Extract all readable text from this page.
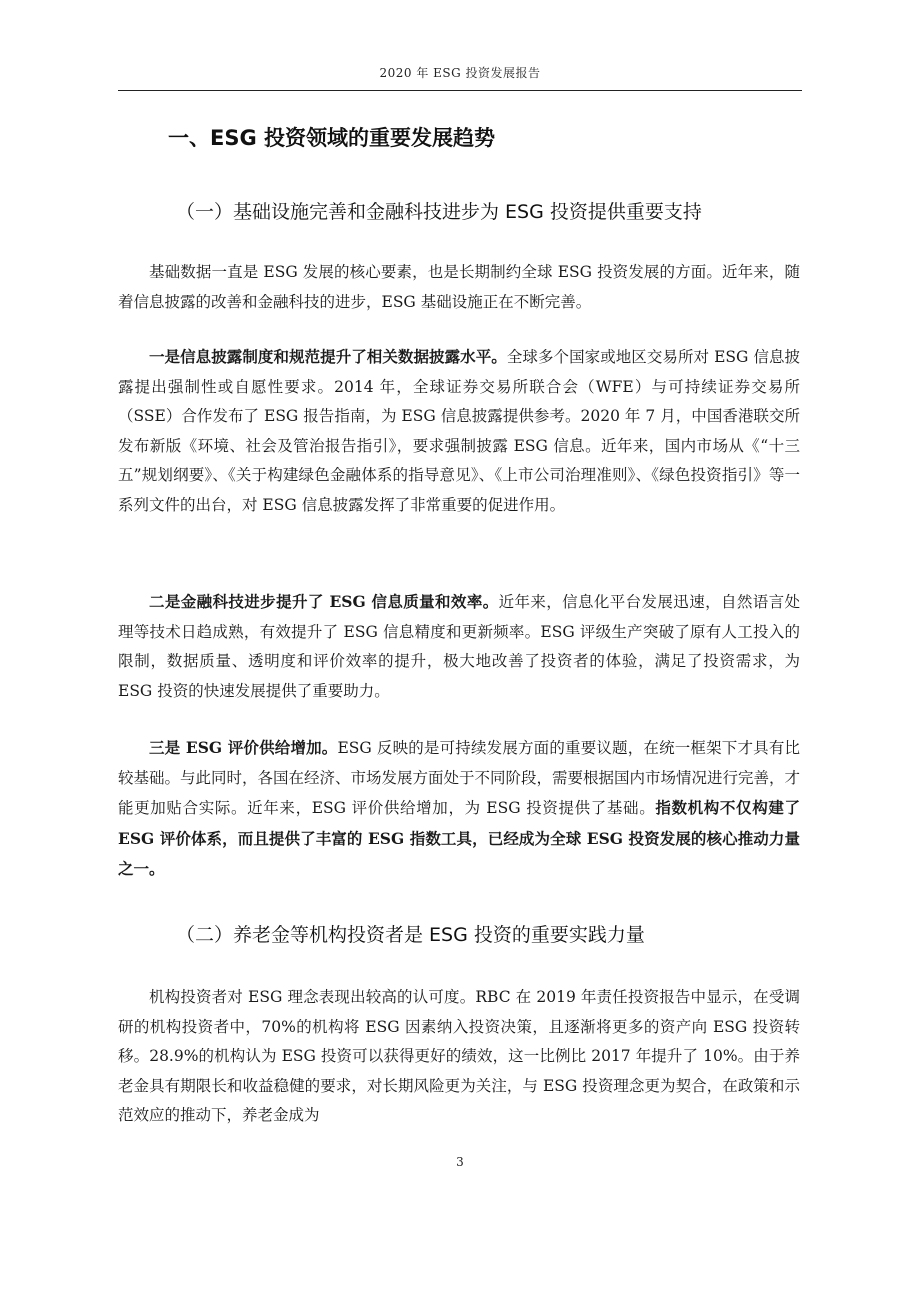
2020 年 ESG 投资发展报告
一、ESG 投资领域的重要发展趋势
（一）基础设施完善和金融科技进步为 ESG 投资提供重要支持

基础数据一直是 ESG 发展的核心要素，也是长期制约全球 ESG 投资发展的方面。近年来，随着信息披露的改善和金融科技的进步，ESG 基础设施正在不断完善。

一是信息披露制度和规范提升了相关数据披露水平。全球多个国家或地区交易所对 ESG 信息披露提出强制性或自愿性要求。2014 年，全球证券交易所联合会（WFE）与可持续证券交易所（SSE）合作发布了 ESG 报告指南，为 ESG 信息披露提供参考。2020 年 7 月，中国香港联交所发布新版《环境、社会及管治报告指引》，要求强制披露 ESG 信息。近年来，国内市场从《“十三五”规划纲要》、《关于构建绿色金融体系的指导意见》、《上市公司治理准则》、《绿色投资指引》等一系列文件的出台，对 ESG 信息披露发挥了非常重要的促进作用。

二是金融科技进步提升了 ESG 信息质量和效率。近年来，信息化平台发展迅速，自然语言处理等技术日趋成熟，有效提升了 ESG 信息精度和更新频率。ESG 评级生产突破了原有人工投入的限制，数据质量、透明度和评价效率的提升，极大地改善了投资者的体验，满足了投资需求，为 ESG 投资的快速发展提供了重要助力。

三是 ESG 评价供给增加。ESG 反映的是可持续发展方面的重要议题，在统一框架下才具有比较基础。与此同时，各国在经济、市场发展方面处于不同阶段，需要根据国内市场情况进行完善，才能更加贴合实际。近年来，ESG 评价供给增加，为 ESG 投资提供了基础。指数机构不仅构建了 ESG 评价体系，而且提供了丰富的 ESG 指数工具，已经成为全球 ESG 投资发展的核心推动力量之一。

（二）养老金等机构投资者是 ESG 投资的重要实践力量

机构投资者对 ESG 理念表现出较高的认可度。RBC 在 2019 年责任投资报告中显示，在受调研的机构投资者中，70%的机构将 ESG 因素纳入投资决策，且逐渐将更多的资产向 ESG 投资转移。28.9%的机构认为 ESG 投资可以获得更好的绩效，这一比例比 2017 年提升了 10%。由于养老金具有期限长和收益稳健的要求，对长期风险更为关注，与 ESG 投资理念更为契合，在政策和示范效应的推动下，养老金成为

3
